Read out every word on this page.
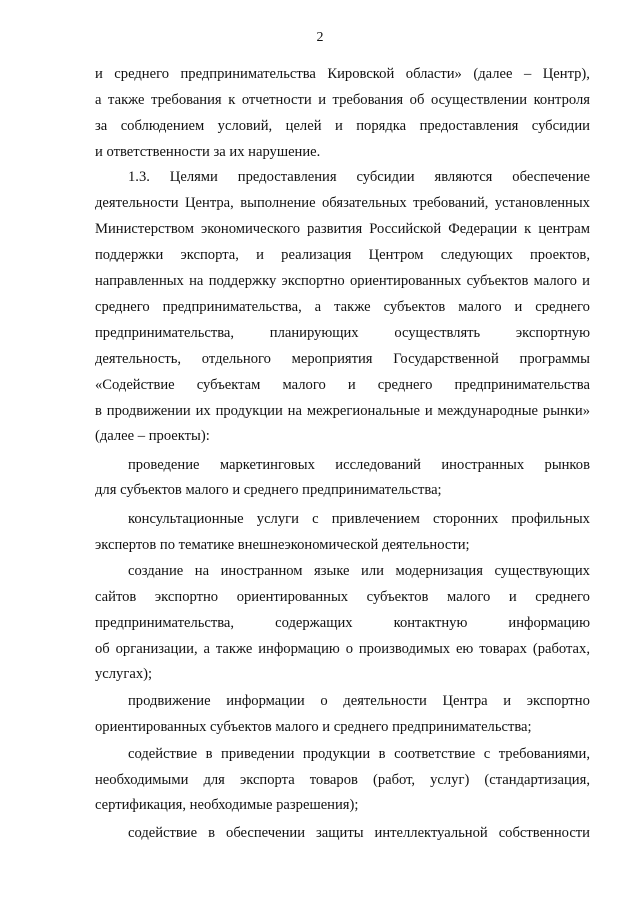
2
и среднего предпринимательства Кировской области» (далее – Центр),
а также требования к отчетности и требования об осуществлении контроля
за соблюдением условий, целей и порядка предоставления субсидии
и ответственности за их нарушение.
1.3. Целями предоставления субсидии являются обеспечение
деятельности Центра, выполнение обязательных требований, установленных
Министерством экономического развития Российской Федерации к центрам
поддержки экспорта, и реализация Центром следующих проектов,
направленных на поддержку экспортно ориентированных субъектов малого и
среднего предпринимательства, а также субъектов малого и среднего
предпринимательства, планирующих осуществлять экспортную
деятельность, отдельного мероприятия Государственной программы
«Содействие субъектам малого и среднего предпринимательства
в продвижении их продукции на межрегиональные и международные рынки»
(далее – проекты):
проведение маркетинговых исследований иностранных рынков
для субъектов малого и среднего предпринимательства;
консультационные услуги с привлечением сторонних профильных
экспертов по тематике внешнеэкономической деятельности;
создание на иностранном языке или модернизация существующих
сайтов экспортно ориентированных субъектов малого и среднего
предпринимательства,	содержащих	контактную	информацию
об организации, а также информацию о производимых ею товарах (работах,
услугах);
продвижение информации о деятельности Центра и экспортно
ориентированных субъектов малого и среднего предпринимательства;
содействие в приведении продукции в соответствие с требованиями,
необходимыми для экспорта товаров (работ, услуг) (стандартизация,
сертификация, необходимые разрешения);
содействие в обеспечении защиты интеллектуальной собственности
